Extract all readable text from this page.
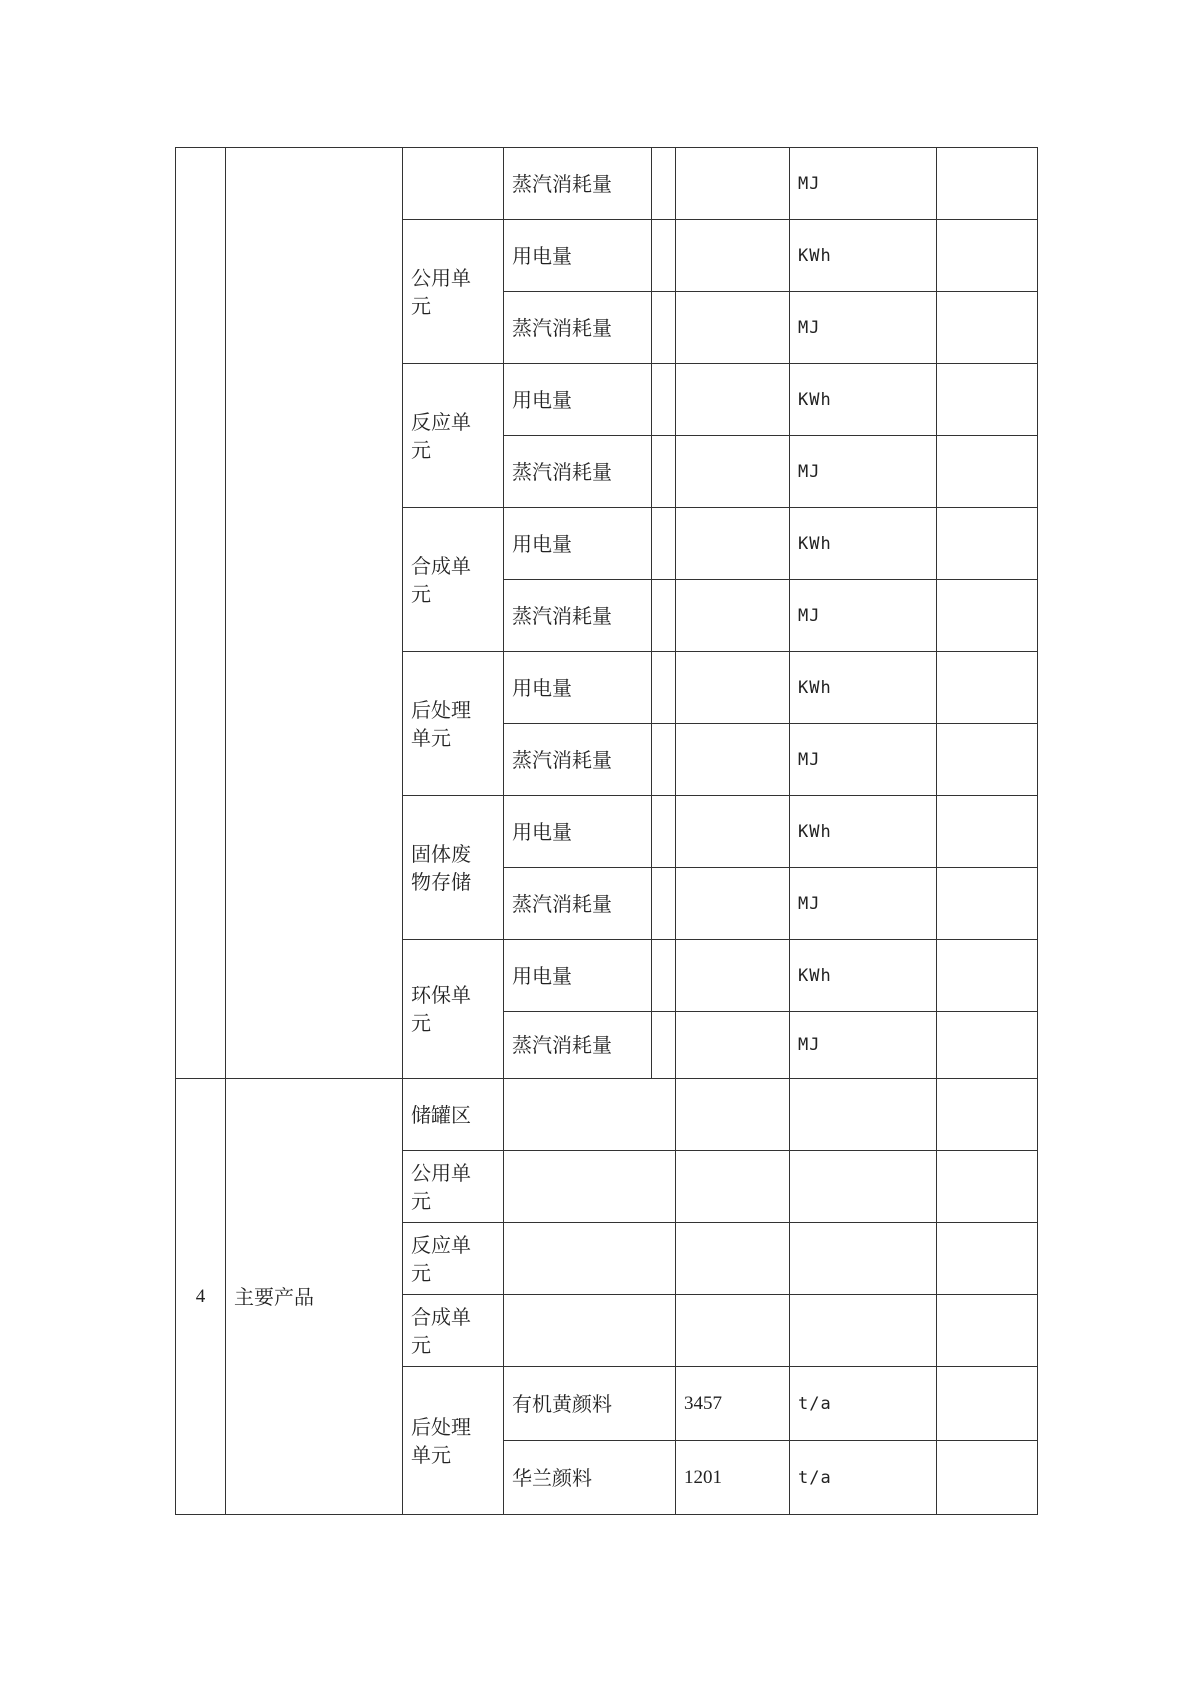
蒸汽消耗量	MJ
公用单
元
用电量	KWh
蒸汽消耗量	MJ
反应单
元
用电量	KWh
蒸汽消耗量	MJ
合成单
元
用电量	KWh
蒸汽消耗量	MJ
后处理
单元
用电量	KWh
蒸汽消耗量	MJ
固体废
物存储
用电量	KWh
蒸汽消耗量	MJ
环保单
元
用电量	KWh
蒸汽消耗量	MJ
4	主要产品
储罐区
公用单
元
反应单
元
合成单
元
后处理
单元
有机黄颜料	3457	t/a
华兰颜料	1201	t/a
